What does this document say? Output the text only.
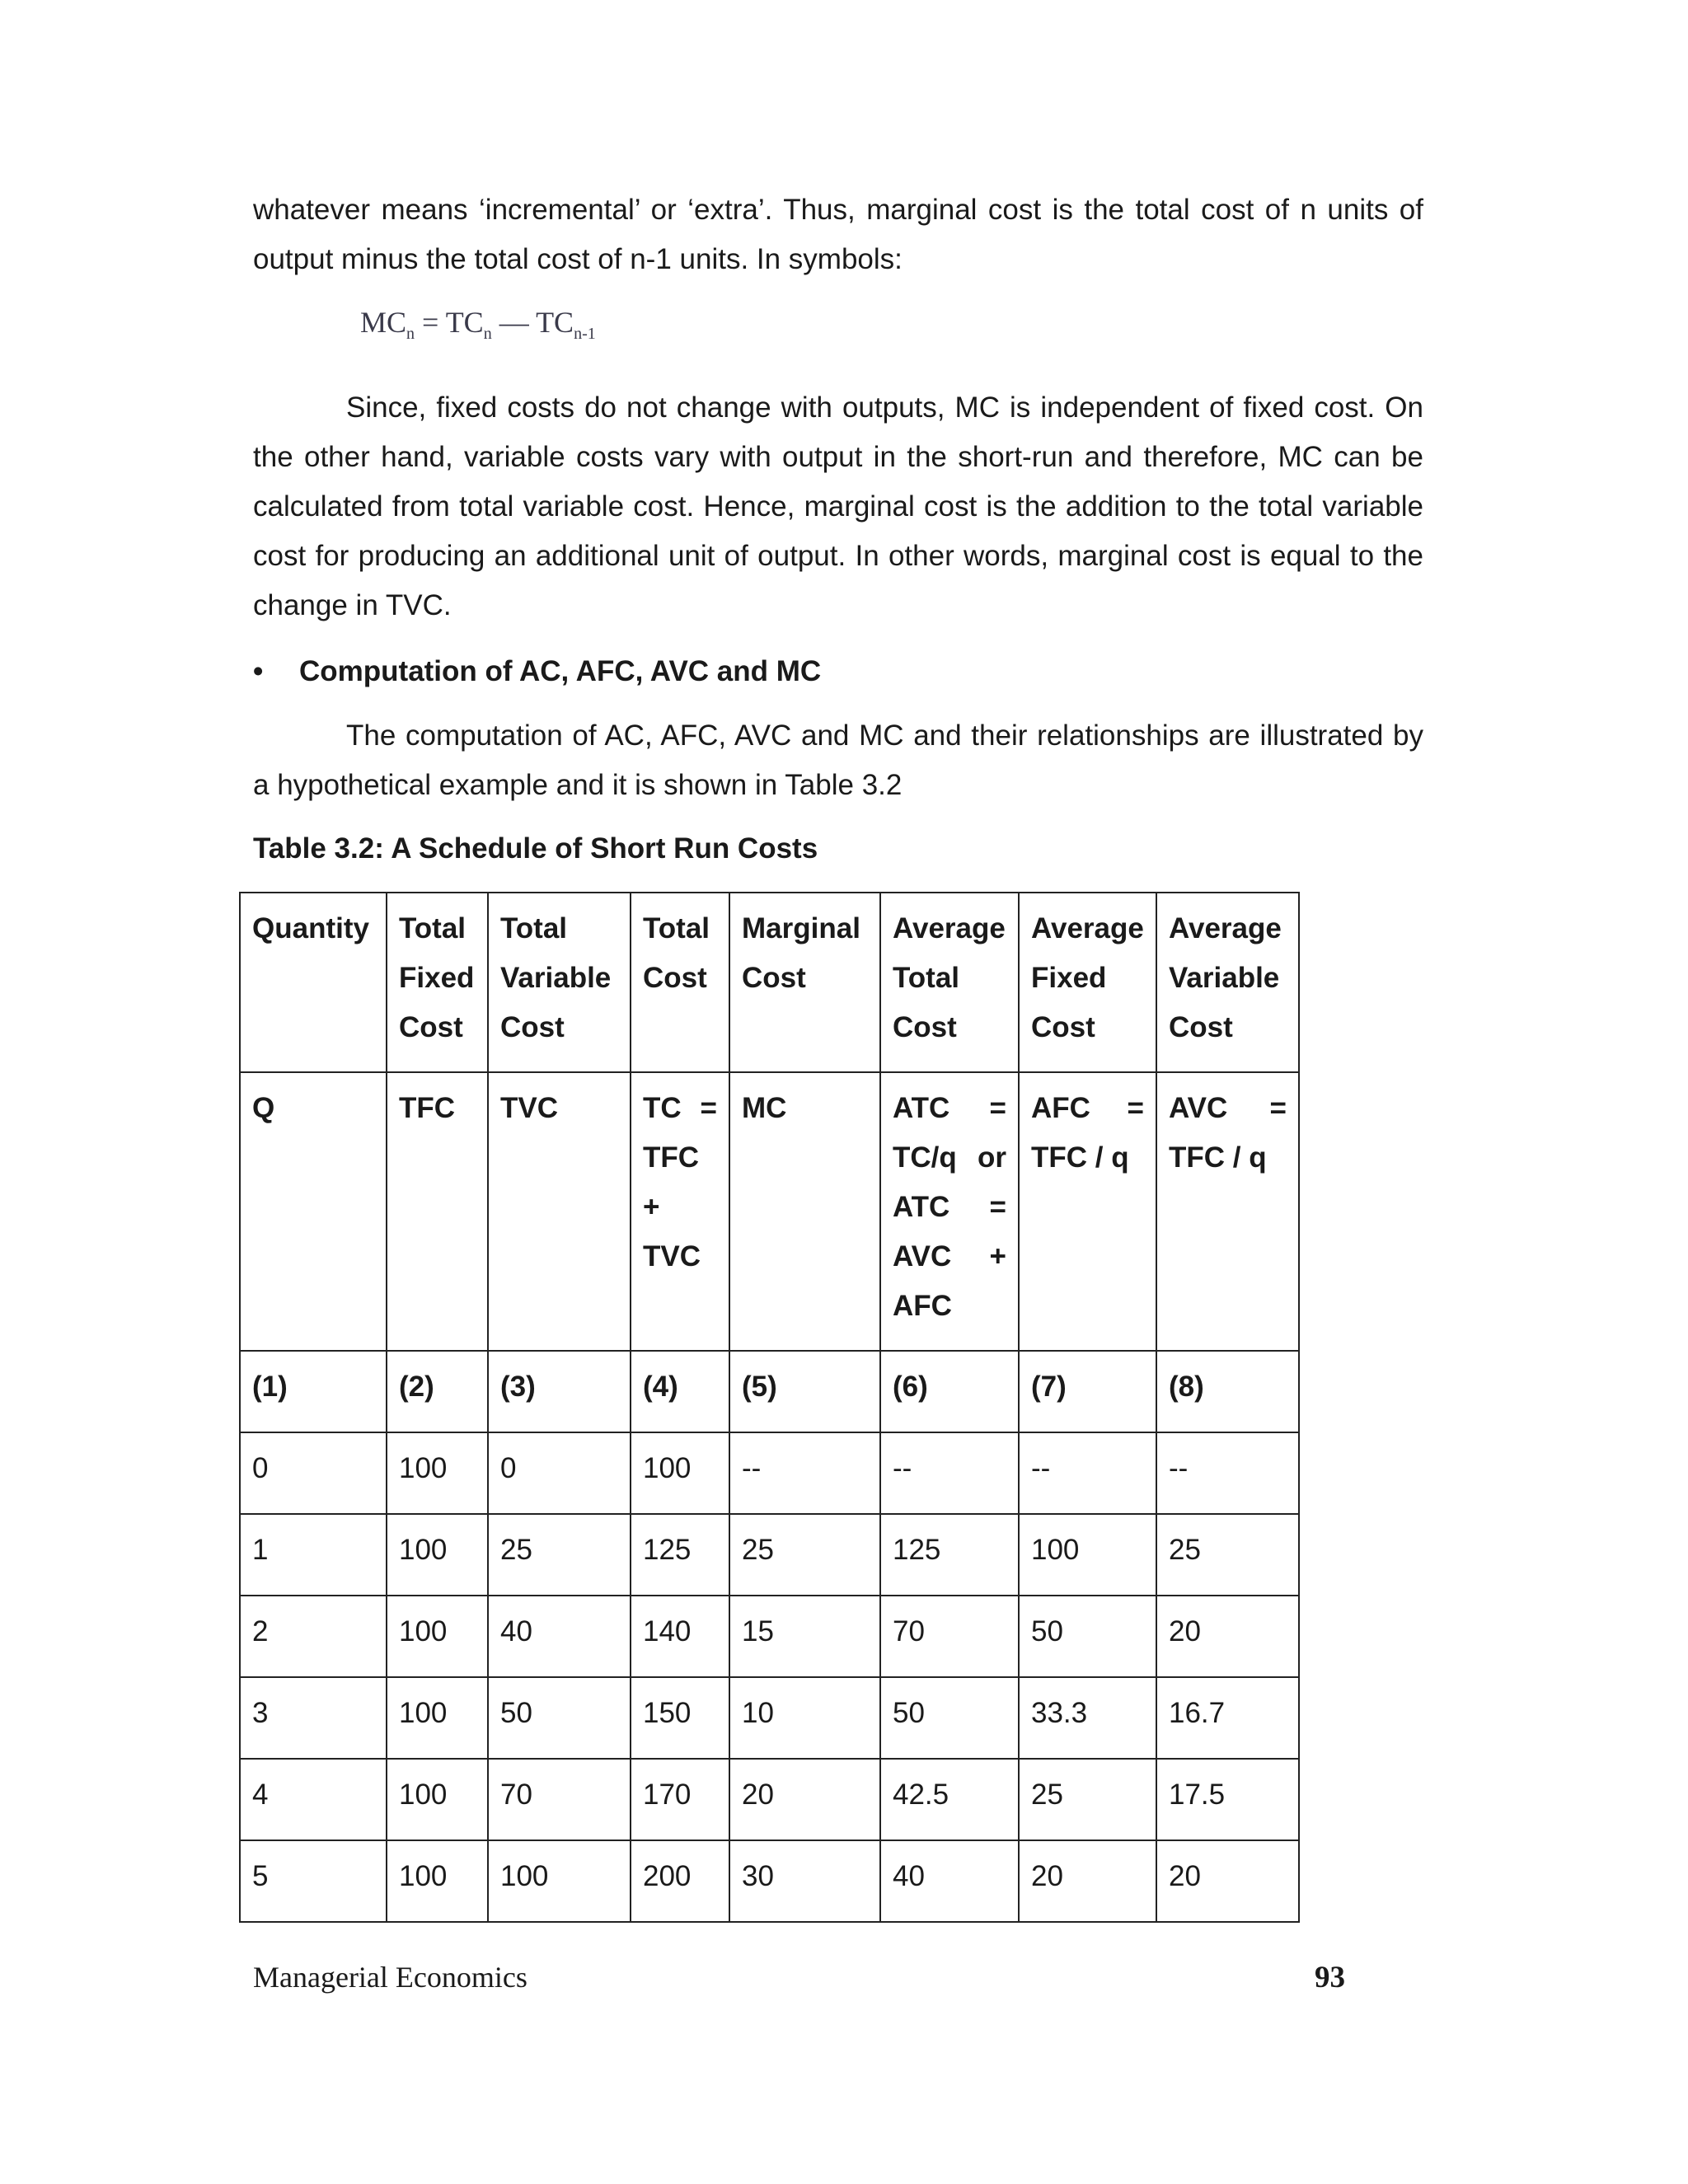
whatever means ‘incremental’ or ‘extra’. Thus, marginal cost is the total cost of n units of output minus the total cost of n-1 units. In symbols:
$MC_n = TC_n$ — $TC_{n-1}$
Since, fixed costs do not change with outputs, MC is independent of fixed cost. On the other hand, variable costs vary with output in the short-run and therefore, MC can be calculated from total variable cost. Hence, marginal cost is the addition to the total variable cost for producing an additional unit of output. In other words, marginal cost is equal to the change in TVC.
• Computation of AC, AFC, AVC and MC
The computation of AC, AFC, AVC and MC and their relationships are illustrated by a hypothetical example and it is shown in Table 3.2
Table 3.2: A Schedule of Short Run Costs
Quantity	Total Fixed Cost	Total Variable Cost	Total Cost	Marginal Cost	Average Total Cost	Average Fixed Cost	Average Variable Cost
Q	TFC	TVC	TC = TFC + TVC	MC	ATC = TC/q or ATC = AVC + AFC	AFC = TFC / q	AVC = TFC / q
(1)	(2)	(3)	(4)	(5)	(6)	(7)	(8)
0	100	0	100	--	--	--	--
1	100	25	125	25	125	100	25
2	100	40	140	15	70	50	20
3	100	50	150	10	50	33.3	16.7
4	100	70	170	20	42.5	25	17.5
5	100	100	200	30	40	20	20
Managerial Economics	93
